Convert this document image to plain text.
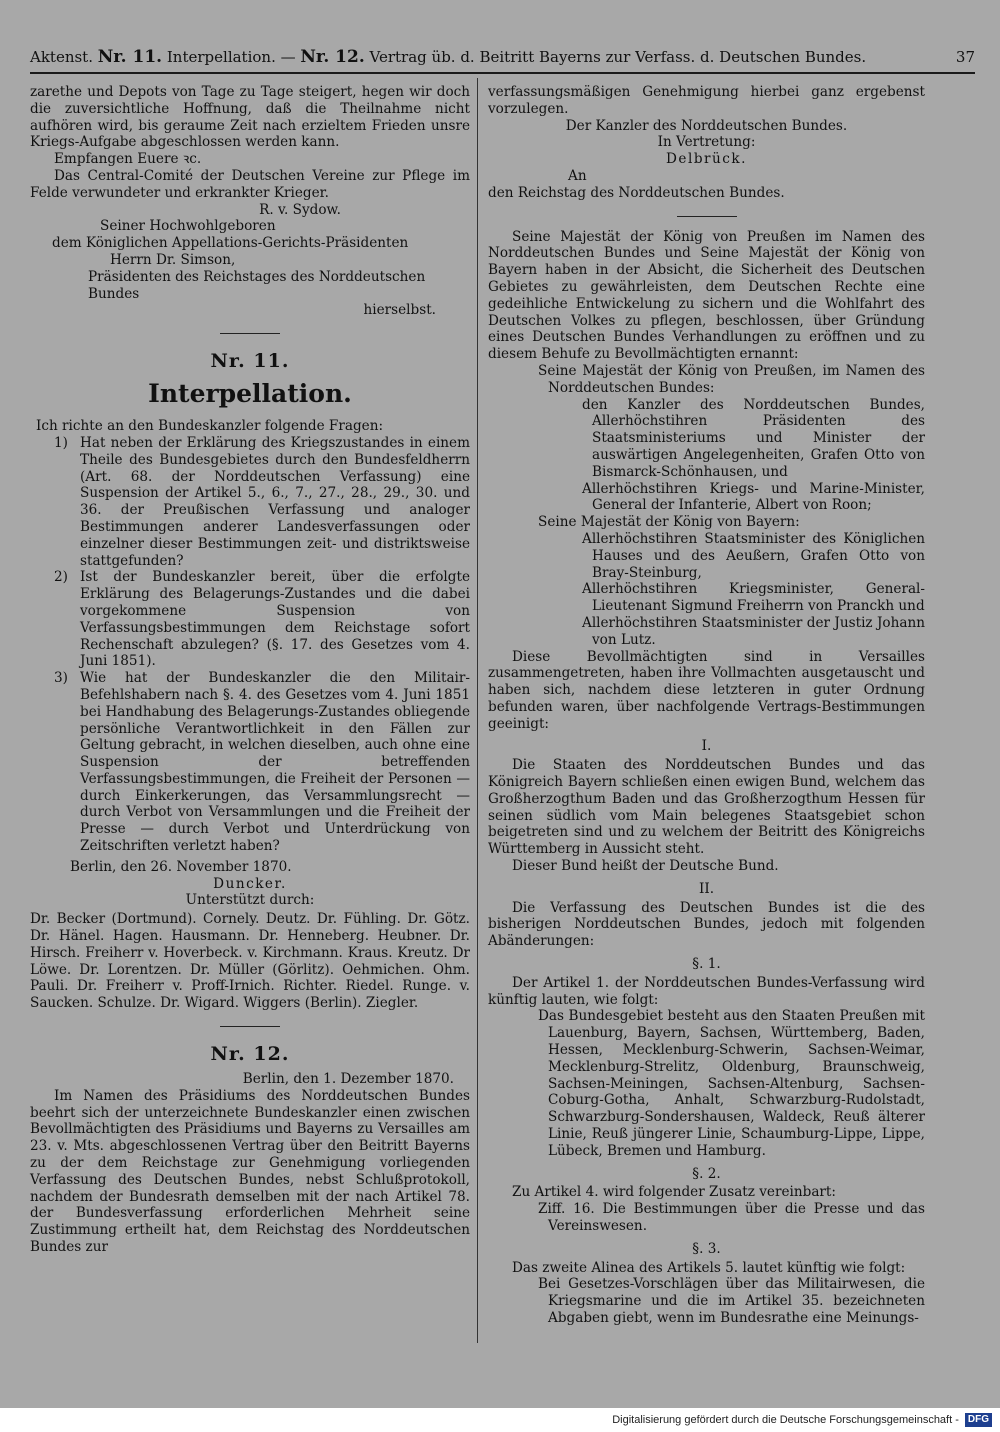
Aktenst. Nr. 11. Interpellation. — Nr. 12. Vertrag üb. d. Beitritt Bayerns zur Verfass. d. Deutschen Bundes.	37

zarethe und Depots von Tage zu Tage steigert, hegen wir doch die zuversichtliche Hoffnung, daß die Theilnahme nicht aufhören wird, bis geraume Zeit nach erzieltem Frieden unsre Kriegs-Aufgabe abgeschlossen werden kann.

Empfangen Euere ꝛc.

Das Central-Comité der Deutschen Vereine zur Pflege im Felde verwundeter und erkrankter Krieger.

R. v. Sydow.

Seiner Hochwohlgeboren

dem Königlichen Appellations-Gerichts-Präsidenten

Herrn Dr. Simson,

Präsidenten des Reichstages des Norddeutschen Bundes

hierselbst.

Nr. 11.

Interpellation.

Ich richte an den Bundeskanzler folgende Fragen:

1) Hat neben der Erklärung des Kriegszustandes in einem Theile des Bundesgebietes durch den Bundesfeldherrn (Art. 68. der Norddeutschen Verfassung) eine Suspension der Artikel 5., 6., 7., 27., 28., 29., 30. und 36. der Preußischen Verfassung und analoger Bestimmungen anderer Landesverfassungen oder einzelner dieser Bestimmungen zeit- und distriktsweise stattgefunden?
2) Ist der Bundeskanzler bereit, über die erfolgte Erklärung des Belagerungs-Zustandes und die dabei vorgekommene Suspension von Verfassungsbestimmungen dem Reichstage sofort Rechenschaft abzulegen? (§. 17. des Gesetzes vom 4. Juni 1851).
3) Wie hat der Bundeskanzler die den Militair-Befehlshabern nach §. 4. des Gesetzes vom 4. Juni 1851 bei Handhabung des Belagerungs-Zustandes obliegende persönliche Verantwortlichkeit in den Fällen zur Geltung gebracht, in welchen dieselben, auch ohne eine Suspension der betreffenden Verfassungsbestimmungen, die Freiheit der Personen — durch Einkerkerungen, das Versammlungsrecht — durch Verbot von Versammlungen und die Freiheit der Presse — durch Verbot und Unterdrückung von Zeitschriften verletzt haben?

Berlin, den 26. November 1870.

Duncker.

Unterstützt durch:

Dr. Becker (Dortmund). Cornely. Deutz. Dr. Fühling. Dr. Götz. Dr. Hänel. Hagen. Hausmann. Dr. Henneberg. Heubner. Dr. Hirsch. Freiherr v. Hoverbeck. v. Kirchmann. Kraus. Kreutz. Dr Löwe. Dr. Lorentzen. Dr. Müller (Görlitz). Oehmichen. Ohm. Pauli. Dr. Freiherr v. Proff-Irnich. Richter. Riedel. Runge. v. Saucken. Schulze. Dr. Wigard. Wiggers (Berlin). Ziegler.

Nr. 12.

Berlin, den 1. Dezember 1870.

Im Namen des Präsidiums des Norddeutschen Bundes beehrt sich der unterzeichnete Bundeskanzler einen zwischen Bevollmächtigten des Präsidiums und Bayerns zu Versailles am 23. v. Mts. abgeschlossenen Vertrag über den Beitritt Bayerns zu der dem Reichstage zur Genehmigung vorliegenden Verfassung des Deutschen Bundes, nebst Schlußprotokoll, nachdem der Bundesrath demselben mit der nach Artikel 78. der Bundesverfassung erforderlichen Mehrheit seine Zustimmung ertheilt hat, dem Reichstag des Norddeutschen Bundes zur

verfassungsmäßigen Genehmigung hierbei ganz ergebenst vorzulegen.

Der Kanzler des Norddeutschen Bundes.

In Vertretung:

Delbrück.

An

den Reichstag des Norddeutschen Bundes.

Seine Majestät der König von Preußen im Namen des Norddeutschen Bundes und Seine Majestät der König von Bayern haben in der Absicht, die Sicherheit des Deutschen Gebietes zu gewährleisten, dem Deutschen Rechte eine gedeihliche Entwickelung zu sichern und die Wohlfahrt des Deutschen Volkes zu pflegen, beschlossen, über Gründung eines Deutschen Bundes Verhandlungen zu eröffnen und zu diesem Behufe zu Bevollmächtigten ernannt:

Seine Majestät der König von Preußen, im Namen des Norddeutschen Bundes:

den Kanzler des Norddeutschen Bundes, Allerhöchstihren Präsidenten des Staatsministeriums und Minister der auswärtigen Angelegenheiten, Grafen Otto von Bismarck-Schönhausen, und

Allerhöchstihren Kriegs- und Marine-Minister, General der Infanterie, Albert von Roon;

Seine Majestät der König von Bayern:

Allerhöchstihren Staatsminister des Königlichen Hauses und des Aeußern, Grafen Otto von Bray-Steinburg,

Allerhöchstihren Kriegsminister, General-Lieutenant Sigmund Freiherrn von Pranckh und

Allerhöchstihren Staatsminister der Justiz Johann von Lutz.

Diese Bevollmächtigten sind in Versailles zusammengetreten, haben ihre Vollmachten ausgetauscht und haben sich, nachdem diese letzteren in guter Ordnung befunden waren, über nachfolgende Vertrags-Bestimmungen geeinigt:

I.

Die Staaten des Norddeutschen Bundes und das Königreich Bayern schließen einen ewigen Bund, welchem das Großherzogthum Baden und das Großherzogthum Hessen für seinen südlich vom Main belegenes Staatsgebiet schon beigetreten sind und zu welchem der Beitritt des Königreichs Württemberg in Aussicht steht.

Dieser Bund heißt der Deutsche Bund.

II.

Die Verfassung des Deutschen Bundes ist die des bisherigen Norddeutschen Bundes, jedoch mit folgenden Abänderungen:

§. 1.

Der Artikel 1. der Norddeutschen Bundes-Verfassung wird künftig lauten, wie folgt:

Das Bundesgebiet besteht aus den Staaten Preußen mit Lauenburg, Bayern, Sachsen, Württemberg, Baden, Hessen, Mecklenburg-Schwerin, Sachsen-Weimar, Mecklenburg-Strelitz, Oldenburg, Braunschweig, Sachsen-Meiningen, Sachsen-Altenburg, Sachsen-Coburg-Gotha, Anhalt, Schwarzburg-Rudolstadt, Schwarzburg-Sondershausen, Waldeck, Reuß älterer Linie, Reuß jüngerer Linie, Schaumburg-Lippe, Lippe, Lübeck, Bremen und Hamburg.

§. 2.

Zu Artikel 4. wird folgender Zusatz vereinbart:

Ziff. 16. Die Bestimmungen über die Presse und das Vereinswesen.

§. 3.

Das zweite Alinea des Artikels 5. lautet künftig wie folgt:

Bei Gesetzes-Vorschlägen über das Militairwesen, die Kriegsmarine und die im Artikel 35. bezeichneten Abgaben giebt, wenn im Bundesrathe eine Meinungs-

Digitalisierung gefördert durch die Deutsche Forschungsgemeinschaft - DFG
